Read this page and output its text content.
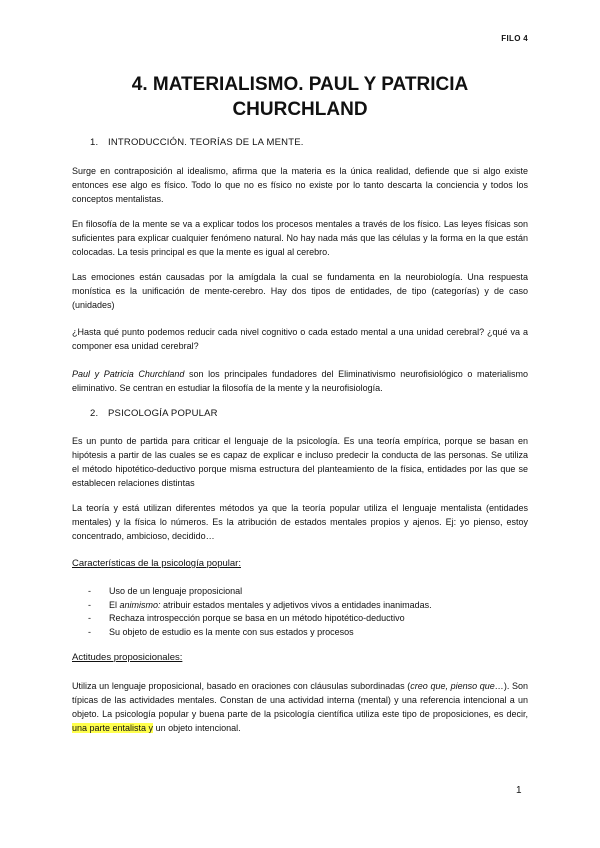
FILO 4
4. MATERIALISMO. PAUL Y PATRICIA
CHURCHLAND
1. INTRODUCCIÓN. TEORÍAS DE LA MENTE.
Surge en contraposición al idealismo, afirma que la materia es la única realidad, defiende que si algo existe entonces ese algo es físico. Todo lo que no es físico no existe por lo tanto descarta la conciencia y todos los conceptos mentalistas.
En filosofía de la mente se va a explicar todos los procesos mentales a través de los físico. Las leyes físicas son suficientes para explicar cualquier fenómeno natural. No hay nada más que las células y la forma en la que están colocadas. La tesis principal es que la mente es igual al cerebro.
Las emociones están causadas por la amígdala la cual se fundamenta en la neurobiología. Una respuesta monística es la unificación de mente-cerebro. Hay dos tipos de entidades, de tipo (categorías) y de caso (unidades)
¿Hasta qué punto podemos reducir cada nivel cognitivo o cada estado mental a una unidad cerebral? ¿qué va a componer esa unidad cerebral?
Paul y Patricia Churchland son los principales fundadores del Eliminativismo neurofisiológico o materialismo eliminativo. Se centran en estudiar la filosofía de la mente y la neurofisiología.
2. PSICOLOGÍA POPULAR
Es un punto de partida para criticar el lenguaje de la psicología. Es una teoría empírica, porque se basan en hipótesis a partir de las cuales se es capaz de explicar e incluso predecir la conducta de las personas. Se utiliza el método hipotético-deductivo porque misma estructura del planteamiento de la física, entidades por las que se establecen relaciones distintas
La teoría y está utilizan diferentes métodos ya que la teoría popular utiliza el lenguaje mentalista (entidades mentales) y la física lo números. Es la atribución de estados mentales propios y ajenos. Ej: yo pienso, estoy concentrado, ambicioso, decidido…
Características de la psicología popular:
- Uso de un lenguaje proposicional
- El animismo: atribuir estados mentales y adjetivos vivos a entidades inanimadas.
- Rechaza introspección porque se basa en un método hipotético-deductivo
- Su objeto de estudio es la mente con sus estados y procesos
Actitudes proposicionales:
Utiliza un lenguaje proposicional, basado en oraciones con cláusulas subordinadas (creo que, pienso que…). Son típicas de las actividades mentales. Constan de una actividad interna (mental) y una referencia intencional a un objeto. La psicología popular y buena parte de la psicología científica utiliza este tipo de proposiciones, es decir, una parte entalista y un objeto intencional.
1
